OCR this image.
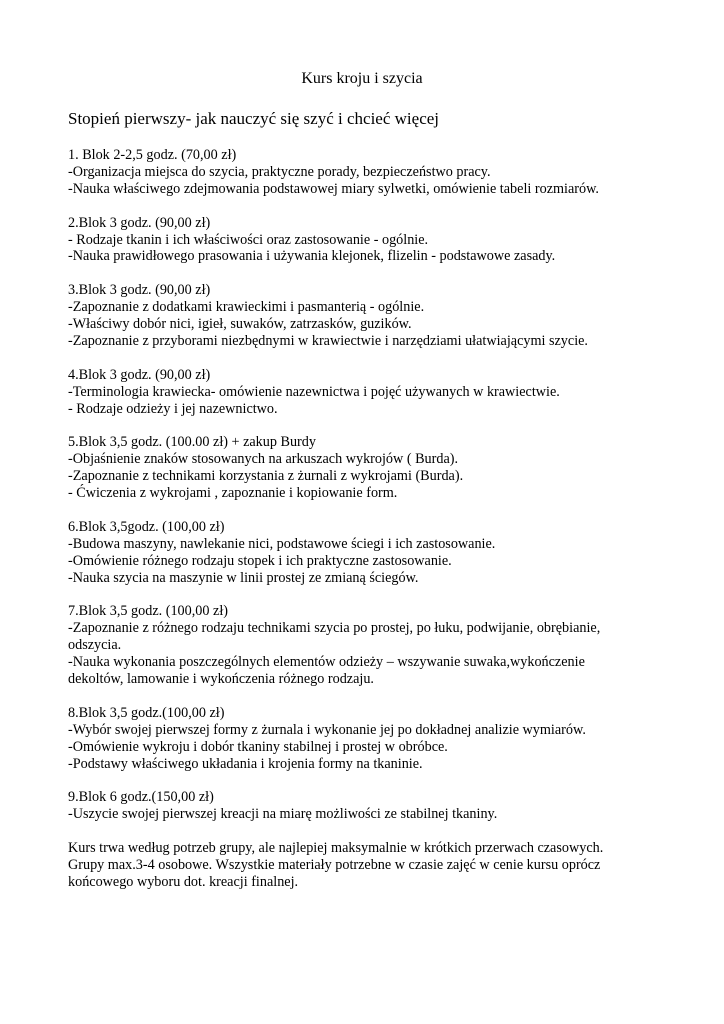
Kurs kroju i szycia
Stopień pierwszy- jak nauczyć się szyć i chcieć więcej
1. Blok 2-2,5 godz. (70,00 zł)
-Organizacja miejsca do szycia, praktyczne porady, bezpieczeństwo pracy.
-Nauka właściwego zdejmowania podstawowej miary sylwetki, omówienie tabeli rozmiarów.
2.Blok 3 godz. (90,00 zł)
- Rodzaje tkanin i ich właściwości oraz zastosowanie - ogólnie.
-Nauka prawidłowego prasowania i używania klejonek, flizelin - podstawowe zasady.
3.Blok 3 godz. (90,00 zł)
-Zapoznanie z dodatkami krawieckimi i pasmanterią - ogólnie.
-Właściwy dobór nici, igieł, suwaków, zatrzasków, guzików.
-Zapoznanie z przyborami niezbędnymi w krawiectwie i narzędziami ułatwiającymi szycie.
4.Blok 3 godz. (90,00 zł)
-Terminologia krawiecka- omówienie nazewnictwa i pojęć używanych w krawiectwie.
- Rodzaje odzieży i jej nazewnictwo.
5.Blok 3,5 godz. (100.00 zł) + zakup Burdy
-Objaśnienie znaków stosowanych na arkuszach wykrojów ( Burda).
-Zapoznanie z technikami korzystania z żurnali z wykrojami (Burda).
- Ćwiczenia z wykrojami , zapoznanie i kopiowanie form.
6.Blok 3,5godz. (100,00 zł)
-Budowa maszyny, nawlekanie nici, podstawowe ściegi i ich zastosowanie.
-Omówienie różnego rodzaju stopek i ich praktyczne zastosowanie.
-Nauka szycia na maszynie w linii prostej ze zmianą ściegów.
7.Blok 3,5 godz. (100,00 zł)
-Zapoznanie z różnego rodzaju technikami szycia po prostej, po łuku, podwijanie, obrębianie,
odszycia.
-Nauka wykonania poszczególnych elementów odzieży – wszywanie suwaka,wykończenie
dekoltów, lamowanie i wykończenia różnego rodzaju.
8.Blok 3,5 godz.(100,00 zł)
-Wybór swojej pierwszej formy z żurnala i wykonanie jej po dokładnej analizie wymiarów.
-Omówienie wykroju i dobór tkaniny stabilnej i prostej w obróbce.
-Podstawy właściwego układania i krojenia formy na tkaninie.
9.Blok 6 godz.(150,00 zł)
-Uszycie swojej pierwszej kreacji na miarę możliwości ze stabilnej tkaniny.
Kurs trwa według potrzeb grupy, ale najlepiej maksymalnie w krótkich przerwach czasowych.
Grupy max.3-4 osobowe. Wszystkie materiały potrzebne w czasie zajęć w cenie kursu oprócz
końcowego wyboru dot. kreacji finalnej.
